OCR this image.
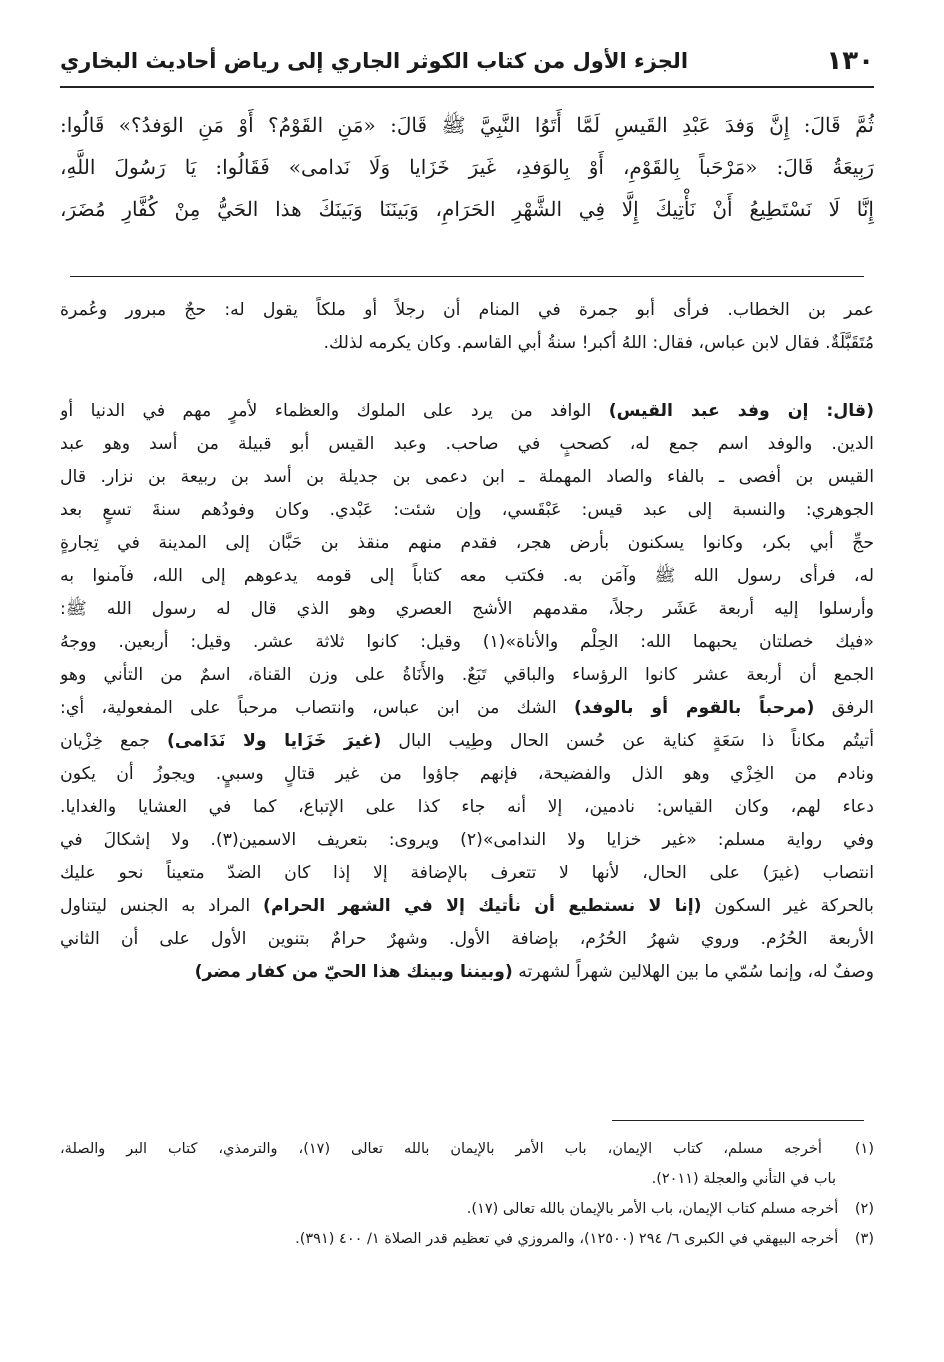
١٣٠
الجزء الأول من كتاب الكوثر الجاري إلى رياض أحاديث البخاري
ثُمَّ قَالَ: إِنَّ وَفدَ عَبْدِ القَيسِ لَمَّا أَتَوُا النَّبِيَّ ﷺ قَالَ: «مَنِ القَوْمُ؟ أَوْ مَنِ الوَفدُ؟» قَالُوا:
رَبِيعَةُ قَالَ: «مَرْحَباً بِالقَوْمِ، أَوْ بِالوَفدِ، غَيرَ خَزَايا وَلَا نَدامى» فَقَالُوا: يَا رَسُولَ اللَّهِ،
إِنَّا لَا نَسْتَطِيعُ أَنْ نَأْتِيكَ إِلَّا فِي الشَّهْرِ الحَرَامِ، وَبَينَنَا وَبَينَكَ هذا الحَيُّ مِنْ كُفَّارِ مُضَرَ،
عمر بن الخطاب. فرأى أبو جمرة في المنام أن رجلاً أو ملكاً يقول له: حجٌ مبرور وعُمرة
مُتَقَبَّلَةٌ. فقال لابن عباس، فقال: اللهُ أكبر! سنةُ أبي القاسم. وكان يكرمه لذلك.
(قال: إن وفد عبد القيس) الوافد من يرد على الملوك والعظماء لأمرٍ مهم في الدنيا أو
الدين. والوفد اسم جمع له، كصحبٍ في صاحب. وعبد القيس أبو قبيلة من أسد وهو عبد
القيس بن أفصى ـ بالفاء والصاد المهملة ـ ابن دعمى بن جديلة بن أسد بن ربيعة بن نزار. قال
الجوهري: والنسبة إلى عبد قيس: عَبْقَسي، وإن شئت: عَبْدي. وكان وفودُهم سنةَ تسعٍ بعد
حجِّ أبي بكر، وكانوا يسكنون بأرض هجر، فقدم منهم منقذ بن حَبَّان إلى المدينة في تِجارةٍ
له، فرأى رسول الله ﷺ وآمَن به. فكتب معه كتاباً إلى قومه يدعوهم إلى الله، فآمنوا به
وأرسلوا إليه أربعة عَشَر رجلاً، مقدمهم الأشج العصري وهو الذي قال له رسول الله ﷺ:
«فيك خصلتان يحبهما الله: الحِلْم والأناة»(١) وقيل: كانوا ثلاثة عشر. وقيل: أربعين. ووجهُ
الجمع أن أربعة عشر كانوا الرؤساء والباقي تَبَعٌ. والأَنَاةُ على وزن القناة، اسمٌ من التأني وهو
الرفق (مرحباً بالقوم أو بالوفد) الشك من ابن عباس، وانتصاب مرحباً على المفعولية، أي:
أتيتُم مكاناً ذا سَعَةٍ كناية عن حُسن الحال وطِيب البال (غيرَ خَزَايا ولا نَدَامى) جمع خِزْيان
ونادم من الخِزْي وهو الذل والفضيحة، فإنهم جاؤوا من غير قتالٍ وسبيٍ. ويجوزُ أن يكون
دعاء لهم، وكان القياس: نادمين، إلا أنه جاء كذا على الإتباع، كما في العشايا والغدايا.
وفي رواية مسلم: «غير خزايا ولا الندامى»(٢) ويروى: بتعريف الاسمين(٣). ولا إشكالَ في
انتصاب (غيرَ) على الحال، لأنها لا تتعرف بالإضافة إلا إذا كان الضدّ متعيناً نحو عليك
بالحركة غير السكون (إنا لا نستطيع أن نأتيك إلا في الشهر الحرام) المراد به الجنس ليتناول
الأربعة الحُرُم. وروي شهرُ الحُرُم، بإضافة الأول. وشهرٌ حرامٌ بتنوين الأول على أن الثاني
وصفٌ له، وإنما سُمّي ما بين الهلالين شهراً لشهرته (وبيننا وبينك هذا الحيّ من كفار مضر)
(١) أخرجه مسلم، كتاب الإيمان، باب الأمر بالإيمان بالله تعالى (١٧)، والترمذي، كتاب البر والصلة،
باب في التأني والعجلة (٢٠١١).
(٢) أخرجه مسلم كتاب الإيمان، باب الأمر بالإيمان بالله تعالى (١٧).
(٣) أخرجه البيهقي في الكبرى ٦/ ٢٩٤ (١٢٥٠٠)، والمروزي في تعظيم قدر الصلاة ١/ ٤٠٠ (٣٩١).
